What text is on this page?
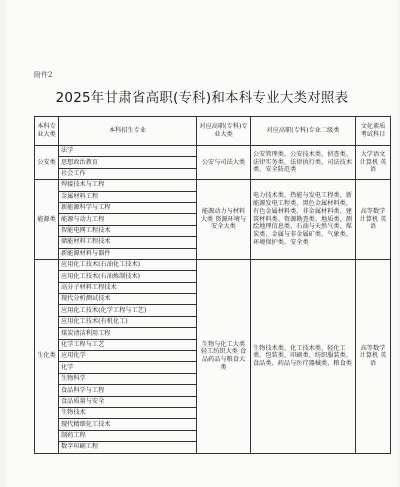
附件2
2025年甘肃省高职(专科)和本科专业大类对照表
本科专业大类	本科招生专业	对应高职(专科)专业大类	对应高职(专科)专业二级类	文化素质考试科目
公安类	法学	公安与司法大类	公安管理类、公安技术类、侦查类、法律实务类、法律执行类、司法技术类、安全防范类	大学语文 计算机 英语
	思想政治教育			
	社会工作			
能源类	焊接技术与工程	能源动力与材料大类 资源环境与安全大类	电力技术类、热能与发电工程类、新能源发电工程类、黑色金属材料类、有色金属材料类、非金属材料类、建筑材料类、资源勘查类、地质类、测绘地理信息类、石油与天然气类、煤炭类、金属与非金属矿类、气象类、环境保护类、安全类	高等数学 计算机 英语
	金属材料工程			
	新能源科学与工程			
	能源与动力工程			
	智能电网工程技术			
	储能材料工程技术			
	新能源材料与器件			
生化类	应用化工技术(石油化工技术)	生物与化工大类 轻工纺织大类 食品药品与粮食大类	生物技术类、化工技术类、轻化工类、包装类、印刷类、纺织服装类、食品类、药品与医疗器械类、粮食类	高等数学 计算机 英语
	应用化工技术(石油炼制技术)			
	高分子材料工程技术			
	现代分析测试技术			
	应用化工技术(化学工程与工艺)			
	应用化工技术(有机化工)			
	煤炭清洁利用工程			
	化学工程与工艺			
	应用化学			
	化学			
	生物科学			
	食品科学与工程			
	食品质量与安全			
	生物技术			
	现代精细化工技术			
	制药工程			
	数字印刷工程			
